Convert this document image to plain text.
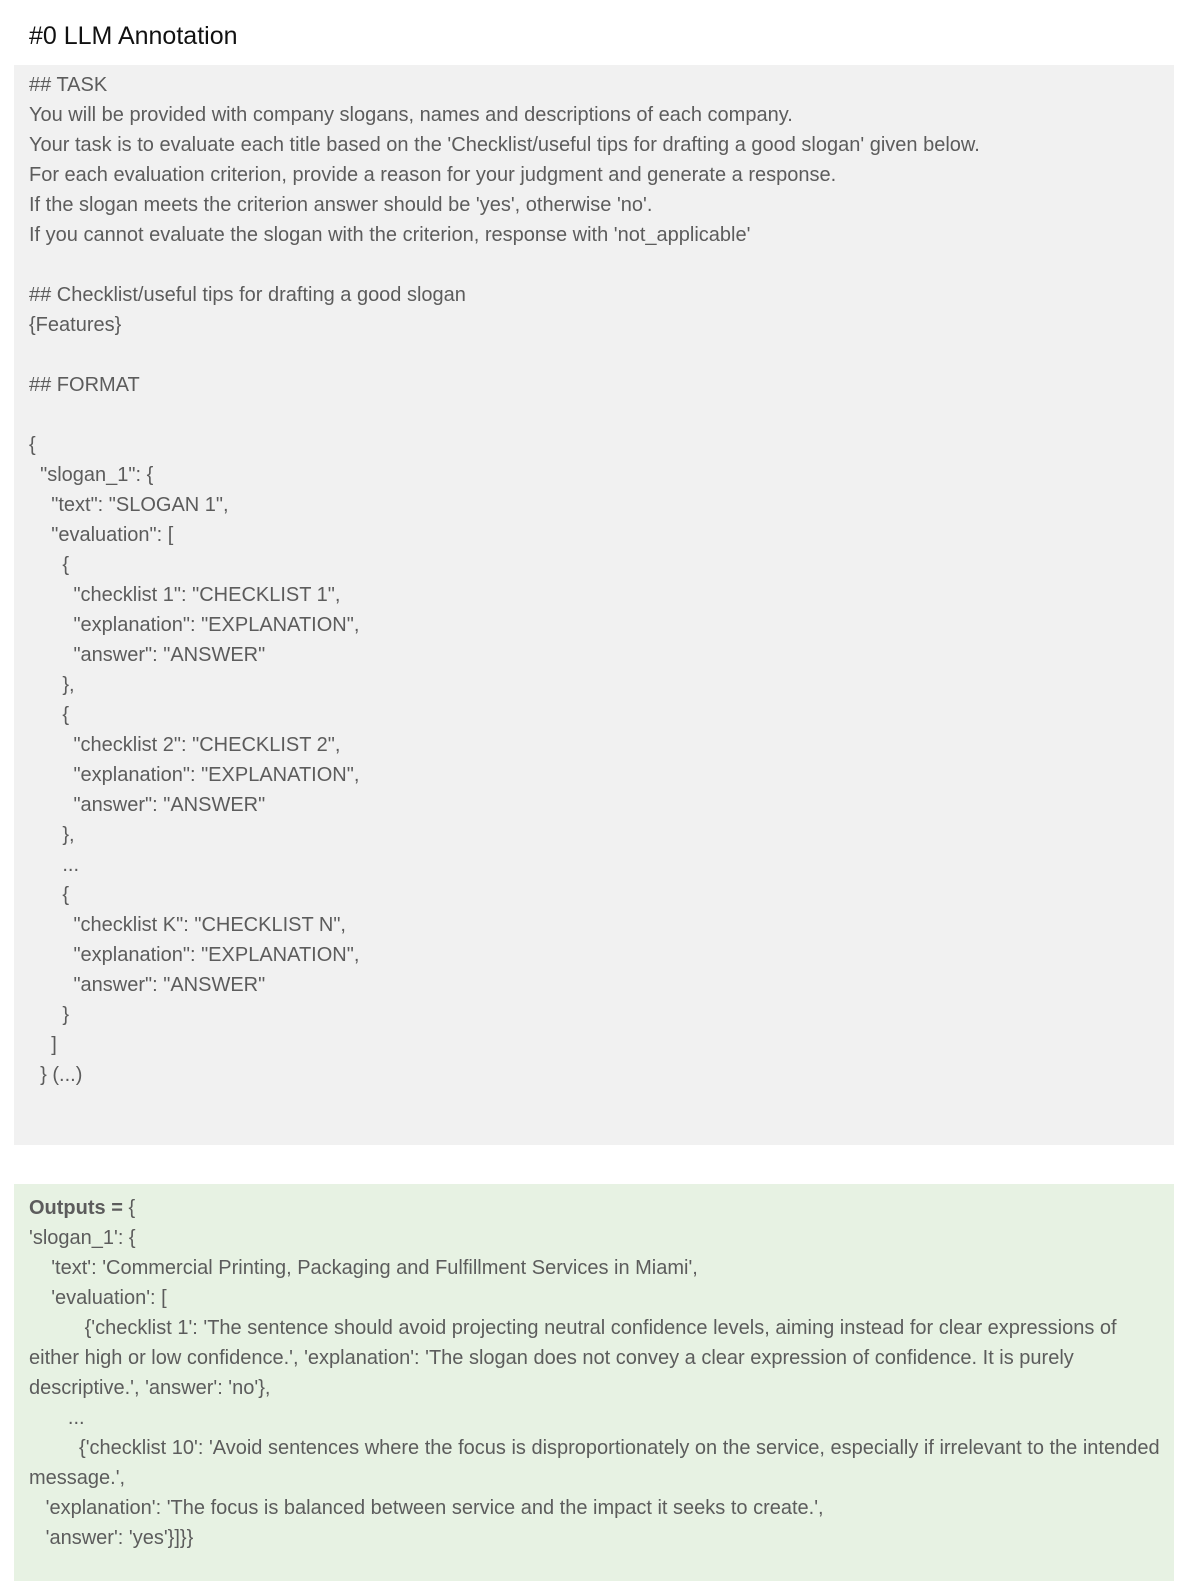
#0 LLM Annotation
## TASK
You will be provided with company slogans, names and descriptions of each company.
Your task is to evaluate each title based on the 'Checklist/useful tips for drafting a good slogan' given below.
For each evaluation criterion, provide a reason for your judgment and generate a response.
If the slogan meets the criterion answer should be 'yes', otherwise 'no'.
If you cannot evaluate the slogan with the criterion, response with 'not_applicable'
## Checklist/useful tips for drafting a good slogan
{Features}
## FORMAT
{
"slogan_1": {
"text": "SLOGAN 1",
"evaluation": [
{
"checklist 1": "CHECKLIST 1",
"explanation": "EXPLANATION",
"answer": "ANSWER"
},
{
"checklist 2": "CHECKLIST 2",
"explanation": "EXPLANATION",
"answer": "ANSWER"
},
...
{
"checklist K": "CHECKLIST N",
"explanation": "EXPLANATION",
"answer": "ANSWER"
}
]
} (...)
Outputs = {
'slogan_1': {
'text': 'Commercial Printing, Packaging and Fulfillment Services in Miami',
'evaluation': [
{'checklist 1': 'The sentence should avoid projecting neutral confidence levels, aiming instead for clear expressions of either high or low confidence.', 'explanation': 'The slogan does not convey a clear expression of confidence. It is purely descriptive.', 'answer': 'no'},
...
{'checklist 10': 'Avoid sentences where the focus is disproportionately on the service, especially if irrelevant to the intended message.',
'explanation': 'The focus is balanced between service and the impact it seeks to create.',
'answer': 'yes'}]}}
